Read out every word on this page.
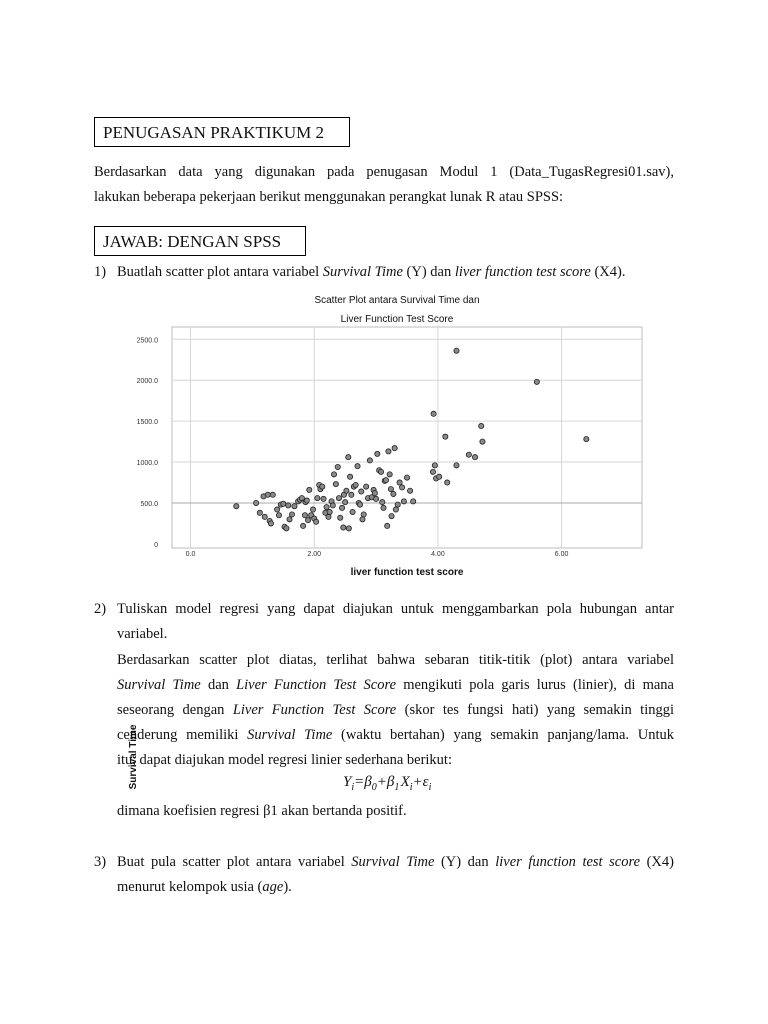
PENUGASAN PRAKTIKUM 2
Berdasarkan data yang digunakan pada penugasan Modul 1 (Data_TugasRegresi01.sav),
lakukan beberapa pekerjaan berikut menggunakan perangkat lunak R atau SPSS:
JAWAB: DENGAN SPSS
1) Buatlah scatter plot antara variabel Survival Time (Y) dan liver function test score (X4).
Scatter Plot antara Survival Time dan
Liver Function Test Score
0
500.0
1000.0
1500.0
2000.0
2500.0
0.0	2.00	4.00	6.00
Survival Time
liver function test score
2) Tuliskan model regresi yang dapat diajukan untuk menggambarkan pola hubungan antar
variabel.
Berdasarkan scatter plot diatas, terlihat bahwa sebaran titik-titik (plot) antara variabel
Survival Time dan Liver Function Test Score mengikuti pola garis lurus (linier), di mana
seseorang dengan Liver Function Test Score (skor tes fungsi hati) yang semakin tinggi
cenderung memiliki Survival Time (waktu bertahan) yang semakin panjang/lama. Untuk
itu, dapat diajukan model regresi linier sederhana berikut:
$Y_i=\beta_0+\beta_1$ $X_i+\varepsilon_i$
dimana koefisien regresi β1 akan bertanda positif.
3) Buat pula scatter plot antara variabel Survival Time (Y) dan liver function test score (X4)
menurut kelompok usia (age).
